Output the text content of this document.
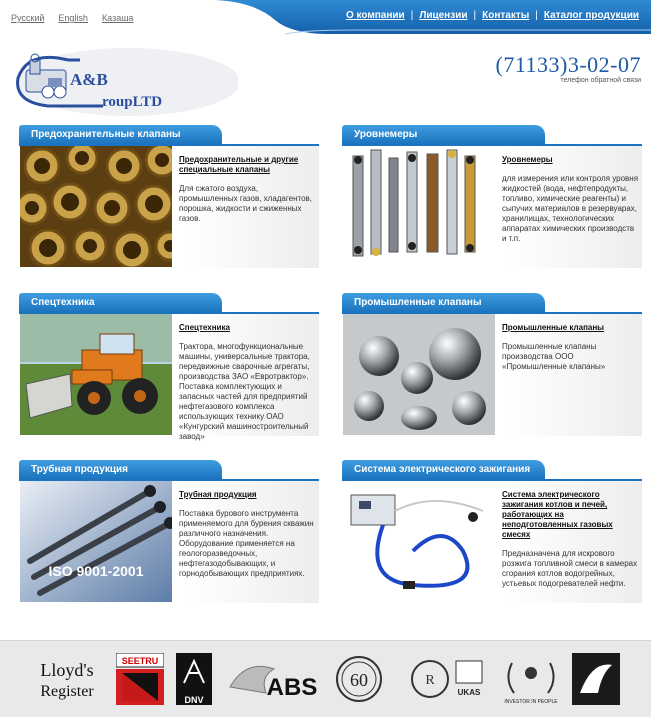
Русский English Казаша	О компании | Лицензии | Контакты | Каталог продукции
A&B
roupLTD
(71133)3-02-07
телефон обратной связи
Предохранительные клапаны
Предохранительные и другие специальные клапаны
Для сжатого воздуха, промышленных газов, хладагентов, порошка, жидкости и сжиженных газов.
Уровнемеры
Уровнемеры
для измерения или контроля уровня жидкостей (вода, нефтепродукты, топливо, химические реагенты) и сыпучих материалов в резервуарах, хранилищах, технологических аппаратах химических производств и т.п.
Спецтехника
Спецтехника
Трактора, многофункциональные машины, универсальные трактора, передвижные сварочные агрегаты, производства ЗАО «Евротрактор». Поставка комплектующих и запасных частей для предприятий нефтегазового комплекса использующих технику ОАО «Кунгурский машиностроительный завод»
Промышленные клапаны
Промышленные клапаны
Промышленные клапаны производства ООО «Промышленные клапаны»
Трубная продукция
ISO 9001-2001
Трубная продукция
Поставка бурового инструмента применяемого для бурения скважин различного назначения. Оборудование применяется на геологоразведочных, нефтегазодобывающих, и горнодобывающих предприятиях.
Система электрического зажигания
Система электрического зажигания котлов и печей, работающих на неподготовленных газовых смесях
Предназначена для искрового розжига топливной смеси в камерах сгорания котлов водогрейных, устьевых подогревателей нефти.
Lloyd's
Register
SEETRU
DNV	ABS 60	R
UKAS
INVESTOR IN PEOPLE
